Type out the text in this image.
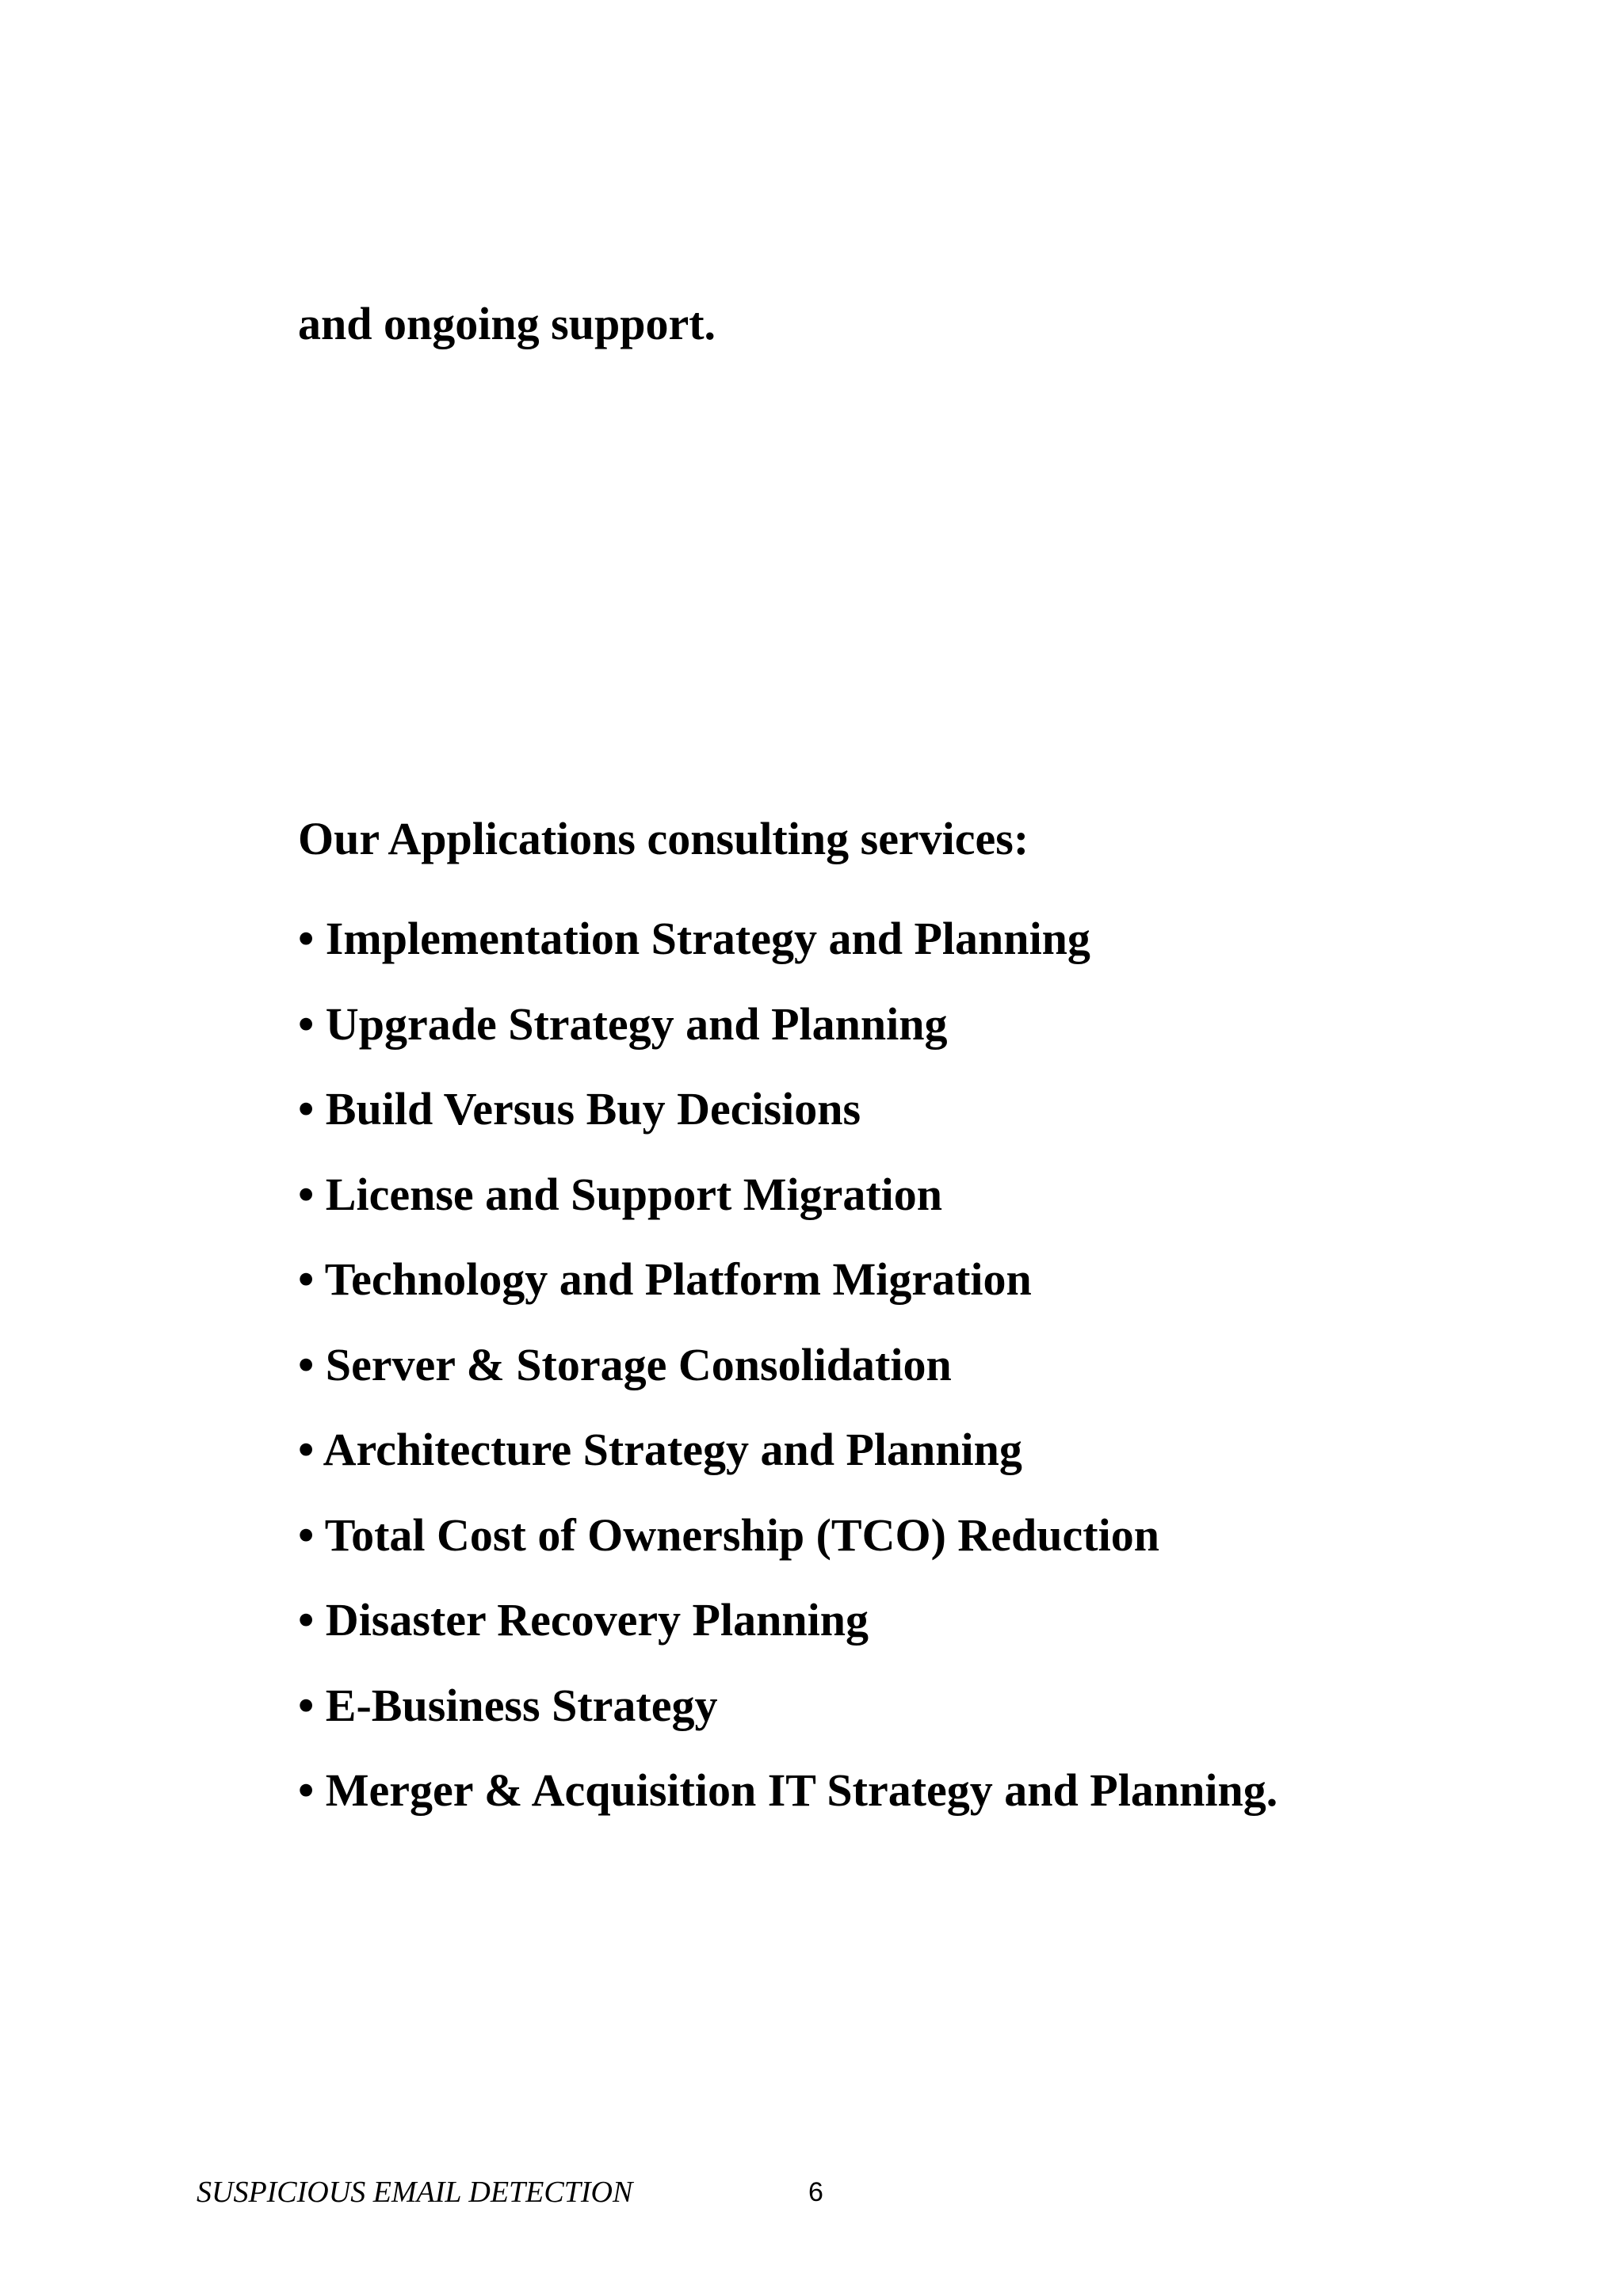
and ongoing support.
Our Applications consulting services:
• Implementation Strategy and Planning
• Upgrade Strategy and Planning
• Build Versus Buy Decisions
• License and Support Migration
• Technology and Platform Migration
• Server & Storage Consolidation
• Architecture Strategy and Planning
• Total Cost of Ownership (TCO) Reduction
• Disaster Recovery Planning
• E-Business Strategy
• Merger & Acquisition IT Strategy and Planning.
SUSPICIOUS EMAIL DETECTION	6
